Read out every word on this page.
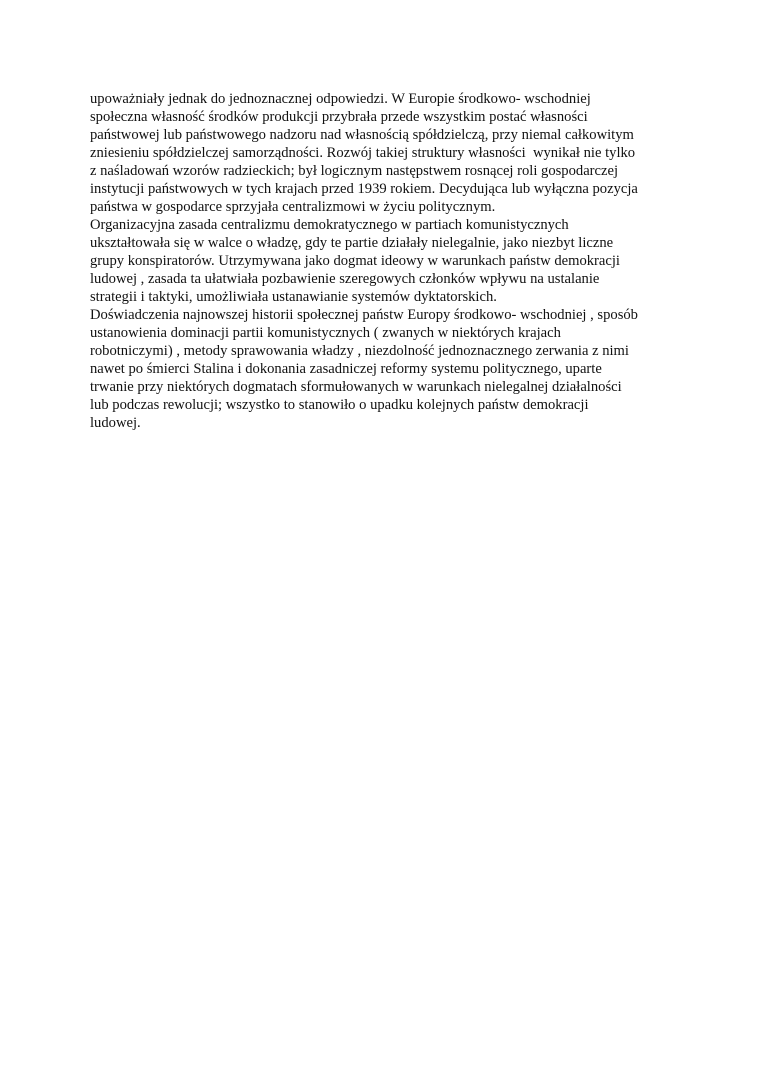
upoważniały jednak do jednoznacznej odpowiedzi. W Europie środkowo- wschodniej
społeczna własność środków produkcji przybrała przede wszystkim postać własności
państwowej lub państwowego nadzoru nad własnością spółdzielczą, przy niemal całkowitym
zniesieniu spółdzielczej samorządności. Rozwój takiej struktury własności  wynikał nie tylko
z naśladowań wzorów radzieckich; był logicznym następstwem rosnącej roli gospodarczej
instytucji państwowych w tych krajach przed 1939 rokiem. Decydująca lub wyłączna pozycja
państwa w gospodarce sprzyjała centralizmowi w życiu politycznym.
Organizacyjna zasada centralizmu demokratycznego w partiach komunistycznych
ukształtowała się w walce o władzę, gdy te partie działały nielegalnie, jako niezbyt liczne
grupy konspiratorów. Utrzymywana jako dogmat ideowy w warunkach państw demokracji
ludowej , zasada ta ułatwiała pozbawienie szeregowych członków wpływu na ustalanie
strategii i taktyki, umożliwiała ustanawianie systemów dyktatorskich.
Doświadczenia najnowszej historii społecznej państw Europy środkowo- wschodniej , sposób
ustanowienia dominacji partii komunistycznych ( zwanych w niektórych krajach
robotniczymi) , metody sprawowania władzy , niezdolność jednoznacznego zerwania z nimi
nawet po śmierci Stalina i dokonania zasadniczej reformy systemu politycznego, uparte
trwanie przy niektórych dogmatach sformułowanych w warunkach nielegalnej działalności
lub podczas rewolucji; wszystko to stanowiło o upadku kolejnych państw demokracji
ludowej.
